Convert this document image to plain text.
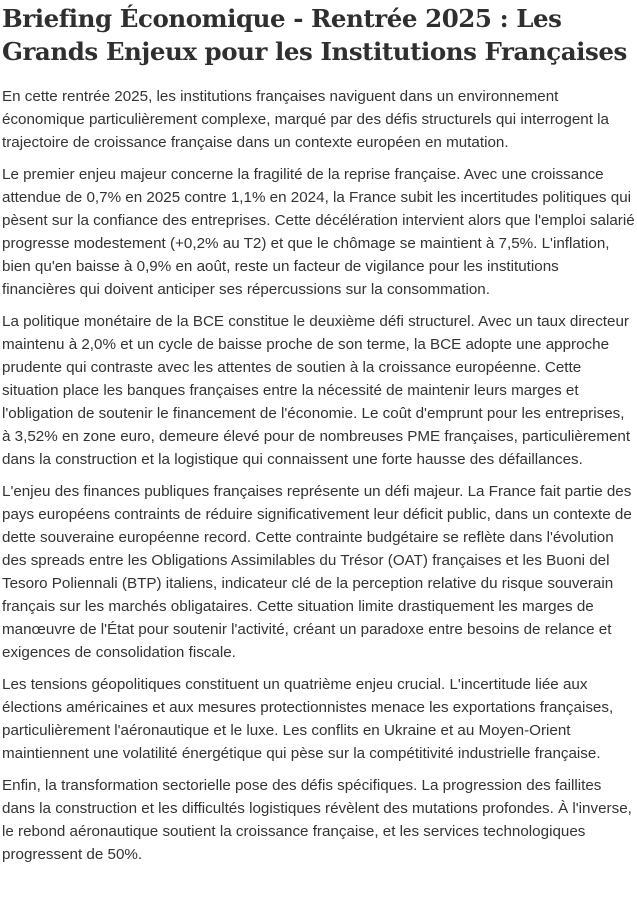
Briefing Économique - Rentrée 2025 : Les Grands Enjeux pour les Institutions Françaises

En cette rentrée 2025, les institutions françaises naviguent dans un environnement économique particulièrement complexe, marqué par des défis structurels qui interrogent la trajectoire de croissance française dans un contexte européen en mutation.

Le premier enjeu majeur concerne la fragilité de la reprise française. Avec une croissance attendue de 0,7% en 2025 contre 1,1% en 2024, la France subit les incertitudes politiques qui pèsent sur la confiance des entreprises. Cette décélération intervient alors que l'emploi salarié progresse modestement (+0,2% au T2) et que le chômage se maintient à 7,5%. L'inflation, bien qu'en baisse à 0,9% en août, reste un facteur de vigilance pour les institutions financières qui doivent anticiper ses répercussions sur la consommation.

La politique monétaire de la BCE constitue le deuxième défi structurel. Avec un taux directeur maintenu à 2,0% et un cycle de baisse proche de son terme, la BCE adopte une approche prudente qui contraste avec les attentes de soutien à la croissance européenne. Cette situation place les banques françaises entre la nécessité de maintenir leurs marges et l'obligation de soutenir le financement de l'économie. Le coût d'emprunt pour les entreprises, à 3,52% en zone euro, demeure élevé pour de nombreuses PME françaises, particulièrement dans la construction et la logistique qui connaissent une forte hausse des défaillances.

L'enjeu des finances publiques françaises représente un défi majeur. La France fait partie des pays européens contraints de réduire significativement leur déficit public, dans un contexte de dette souveraine européenne record. Cette contrainte budgétaire se reflète dans l'évolution des spreads entre les Obligations Assimilables du Trésor (OAT) françaises et les Buoni del Tesoro Poliennali (BTP) italiens, indicateur clé de la perception relative du risque souverain français sur les marchés obligataires. Cette situation limite drastiquement les marges de manœuvre de l'État pour soutenir l'activité, créant un paradoxe entre besoins de relance et exigences de consolidation fiscale.

Les tensions géopolitiques constituent un quatrième enjeu crucial. L'incertitude liée aux élections américaines et aux mesures protectionnistes menace les exportations françaises, particulièrement l'aéronautique et le luxe. Les conflits en Ukraine et au Moyen-Orient maintiennent une volatilité énergétique qui pèse sur la compétitivité industrielle française.

Enfin, la transformation sectorielle pose des défis spécifiques. La progression des faillites dans la construction et les difficultés logistiques révèlent des mutations profondes. À l'inverse, le rebond aéronautique soutient la croissance française, et les services technologiques progressent de 50%.
